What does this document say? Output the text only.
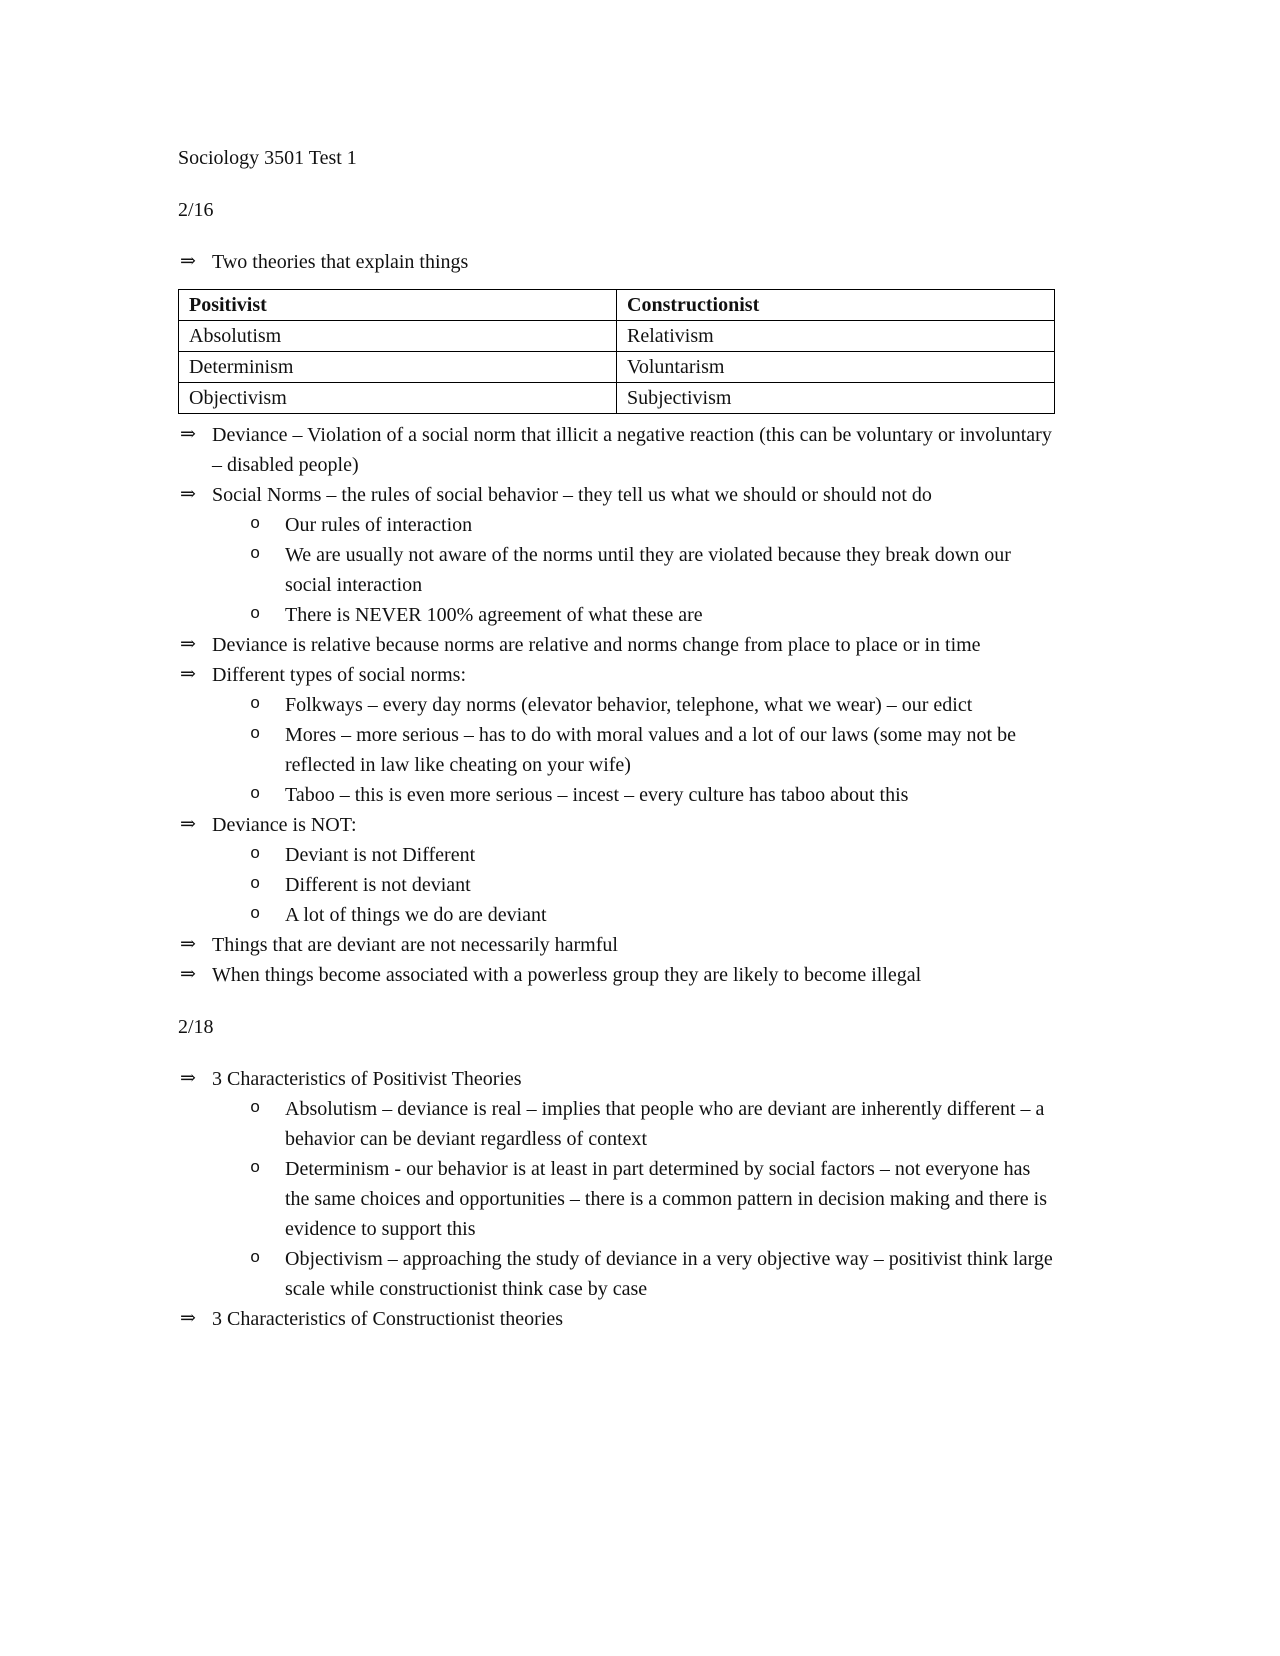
Sociology 3501 Test 1

2/16

⇒ Two theories that explain things
Positivist	Constructionist
Absolutism	Relativism
Determinism	Voluntarism
Objectivism	Subjectivism
⇒ Deviance – Violation of a social norm that illicit a negative reaction (this can be voluntary or involuntary – disabled people)
⇒ Social Norms – the rules of social behavior – they tell us what we should or should not do
o Our rules of interaction
o We are usually not aware of the norms until they are violated because they break down our social interaction
o There is NEVER 100% agreement of what these are
⇒ Deviance is relative because norms are relative and norms change from place to place or in time
⇒ Different types of social norms:
o Folkways – every day norms (elevator behavior, telephone, what we wear) – our edict
o Mores – more serious – has to do with moral values and a lot of our laws (some may not be reflected in law like cheating on your wife)
o Taboo – this is even more serious – incest – every culture has taboo about this
⇒ Deviance is NOT:
o Deviant is not Different
o Different is not deviant
o A lot of things we do are deviant
⇒ Things that are deviant are not necessarily harmful
⇒ When things become associated with a powerless group they are likely to become illegal

2/18

⇒ 3 Characteristics of Positivist Theories
o Absolutism – deviance is real – implies that people who are deviant are inherently different – a behavior can be deviant regardless of context
o Determinism - our behavior is at least in part determined by social factors – not everyone has the same choices and opportunities – there is a common pattern in decision making and there is evidence to support this
o Objectivism – approaching the study of deviance in a very objective way – positivist think large scale while constructionist think case by case
⇒ 3 Characteristics of Constructionist theories
